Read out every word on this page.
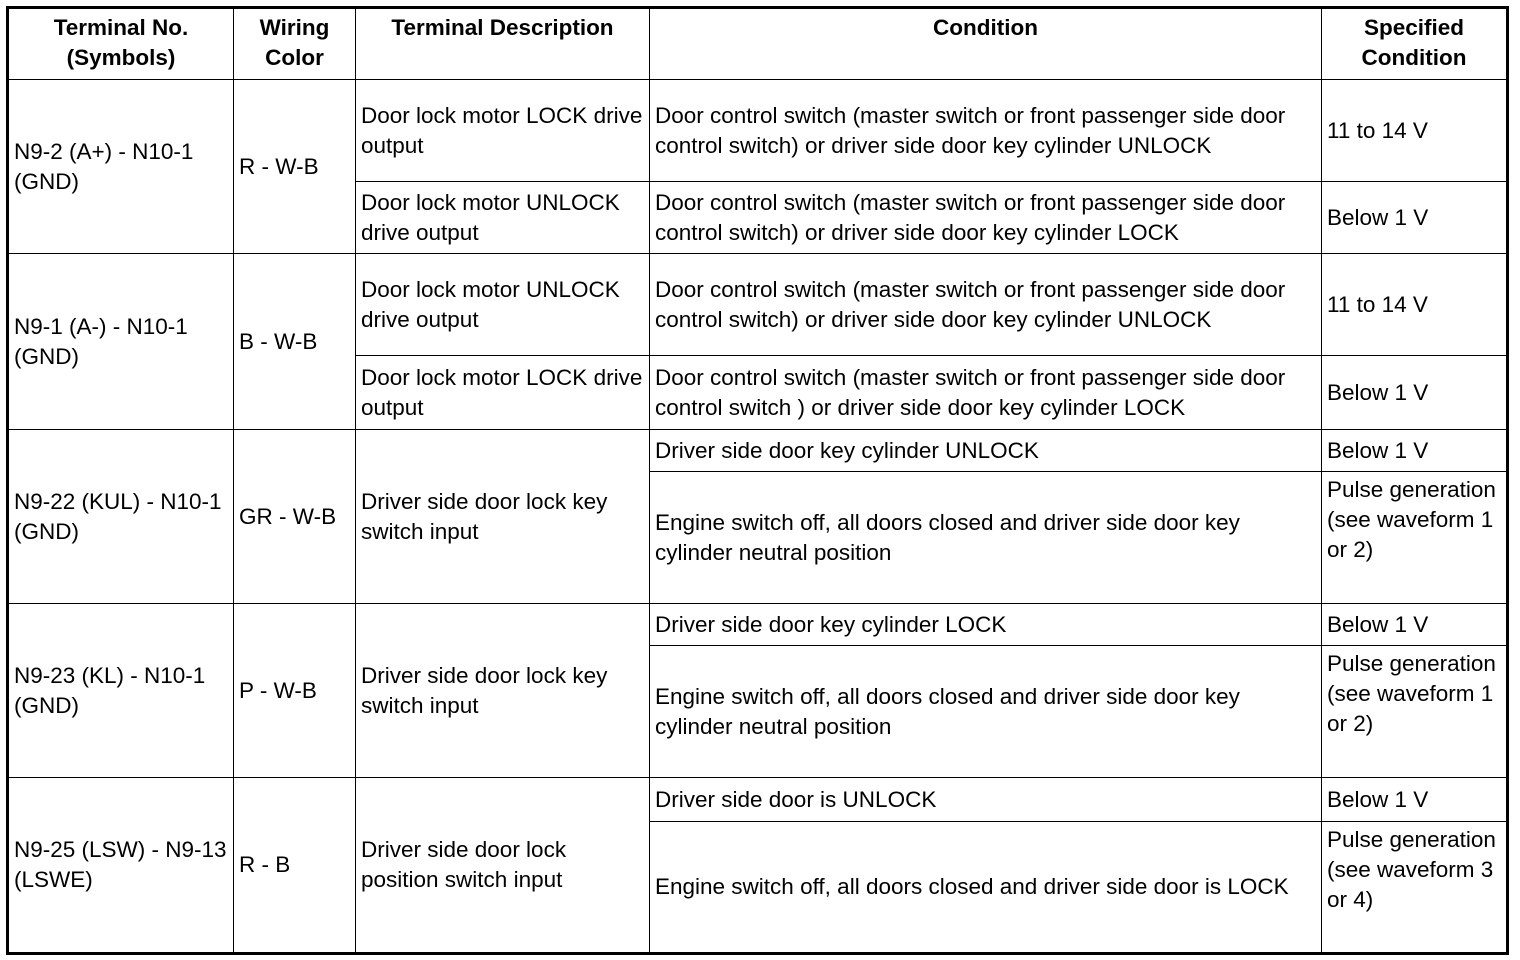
Terminal No. (Symbols)	Wiring Color	Terminal Description	Condition	Specified Condition
N9-2 (A+) - N10-1 (GND)	R - W-B	Door lock motor LOCK drive output	Door control switch (master switch or front passenger side door control switch) or driver side door key cylinder UNLOCK	11 to 14 V
		Door lock motor UNLOCK drive output	Door control switch (master switch or front passenger side door control switch) or driver side door key cylinder LOCK	Below 1 V
N9-1 (A-) - N10-1 (GND)	B - W-B	Door lock motor UNLOCK drive output	Door control switch (master switch or front passenger side door control switch) or driver side door key cylinder UNLOCK	11 to 14 V
		Door lock motor LOCK drive output	Door control switch (master switch or front passenger side door control switch ) or driver side door key cylinder LOCK	Below 1 V
N9-22 (KUL) - N10-1 (GND)	GR - W-B	Driver side door lock key switch input	Driver side door key cylinder UNLOCK	Below 1 V
			Engine switch off, all doors closed and driver side door key cylinder neutral position	Pulse generation (see waveform 1 or 2)
N9-23 (KL) - N10-1 (GND)	P - W-B	Driver side door lock key switch input	Driver side door key cylinder LOCK	Below 1 V
			Engine switch off, all doors closed and driver side door key cylinder neutral position	Pulse generation (see waveform 1 or 2)
N9-25 (LSW) - N9-13 (LSWE)	R - B	Driver side door lock position switch input	Driver side door is UNLOCK	Below 1 V
			Engine switch off, all doors closed and driver side door is LOCK	Pulse generation (see waveform 3 or 4)
